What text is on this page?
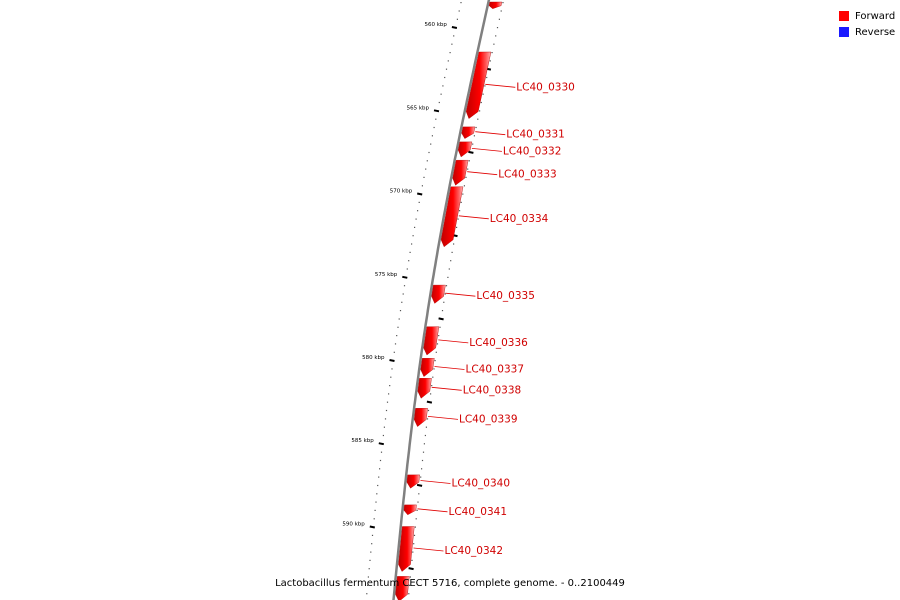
560 kbp
565 kbp
570 kbp
575 kbp
580 kbp
585 kbp
590 kbp
LC40_0330
LC40_0331
LC40_0332
LC40_0333
LC40_0334
LC40_0335
LC40_0336
LC40_0337
LC40_0338
LC40_0339
LC40_0340
LC40_0341
LC40_0342
Forward
Reverse
Lactobacillus fermentum CECT 5716, complete genome. - 0..2100449
